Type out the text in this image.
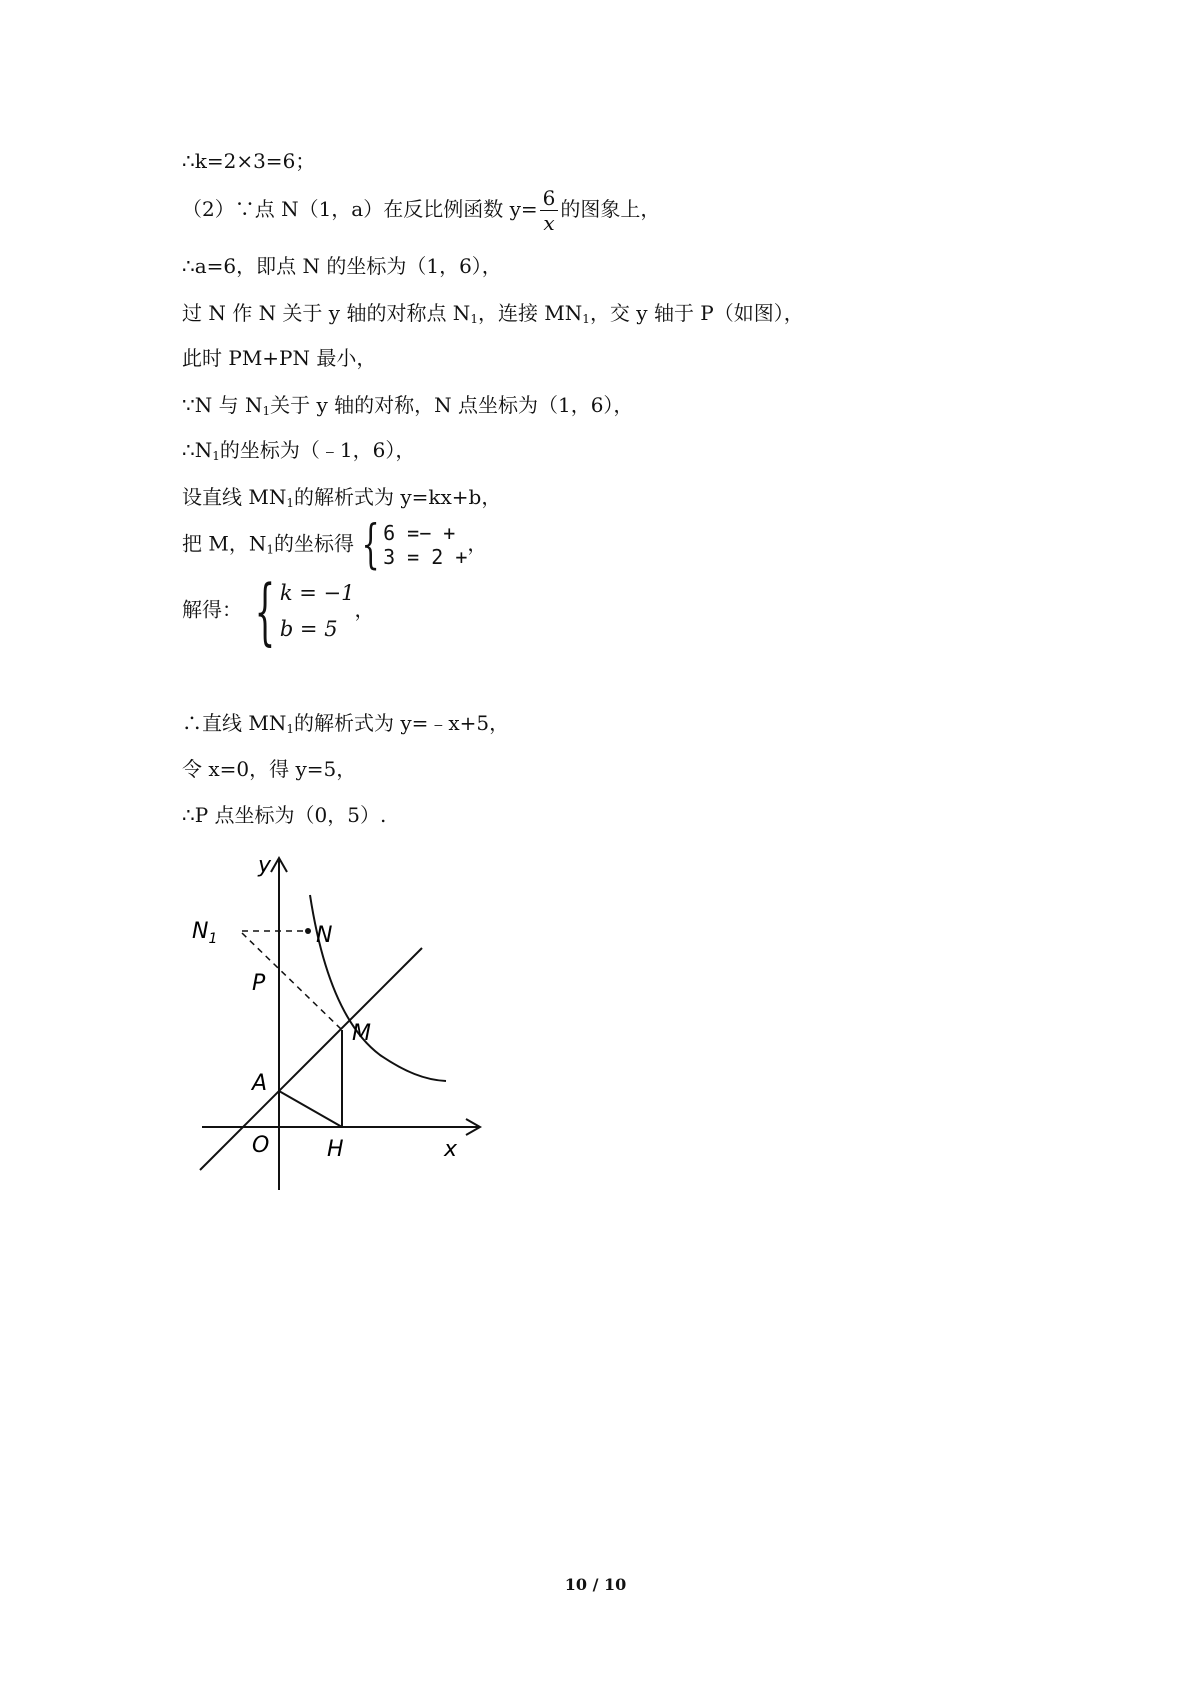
∴k=2×3=6；
（2）∵点 N（1，a）在反比例函数 $y= \frac{6}{x}$ 的图象上，
∴a=6，即点 N 的坐标为（1，6），
过 N 作 N 关于 y 轴的对称点 $N_1$，连接 $MN_1$，交 y 轴于 P（如图），
此时 PM+PN 最小，
∵N 与 $N_1$关于 y 轴的对称，N 点坐标为（1，6），
$\therefore N_1$的坐标为（﹣1，6），
设直线 $MN_1$的解析式为 y=kx+b，
把 M，$N_1$的坐标得 { 6 =− +
3 = 2 +
，
解得： { k = −1
b = 5
，
∴直线 $MN_1$的解析式为 y=﹣x+5，
令 x=0，得 y=5，
∴P 点坐标为（0，5）.
y
x
$N_1$	N
P
M
A
O	H
10 / 10
